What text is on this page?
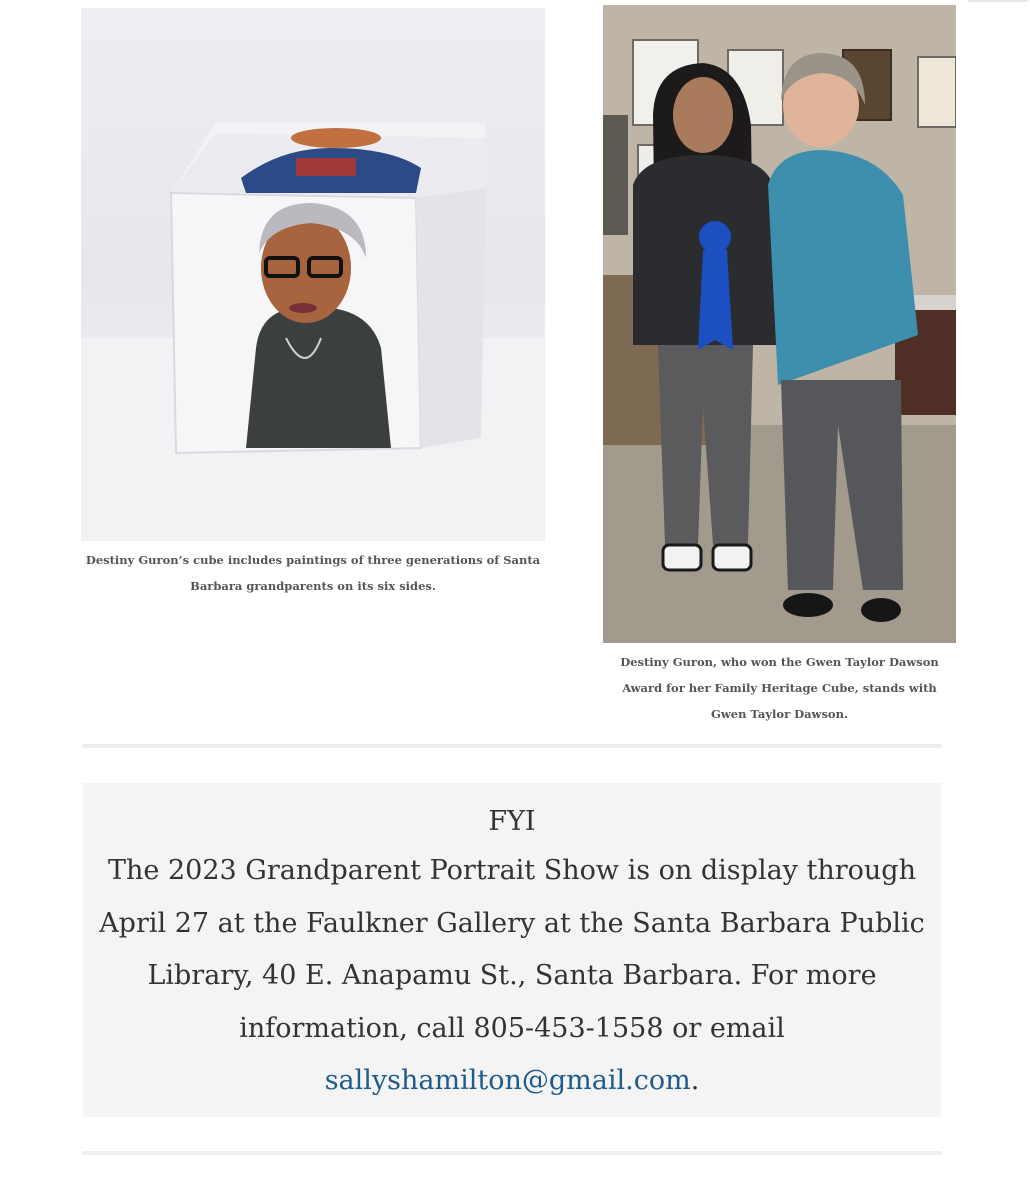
Destiny Guron’s cube includes paintings of three generations of Santa Barbara grandparents on its six sides.
Destiny Guron, who won the Gwen Taylor Dawson Award for her Family Heritage Cube, stands with Gwen Taylor Dawson.
FYI

The 2023 Grandparent Portrait Show is on display through April 27 at the Faulkner Gallery at the Santa Barbara Public Library, 40 E. Anapamu St., Santa Barbara. For more information, call 805-453-1558 or email sallyshamilton@gmail.com.
